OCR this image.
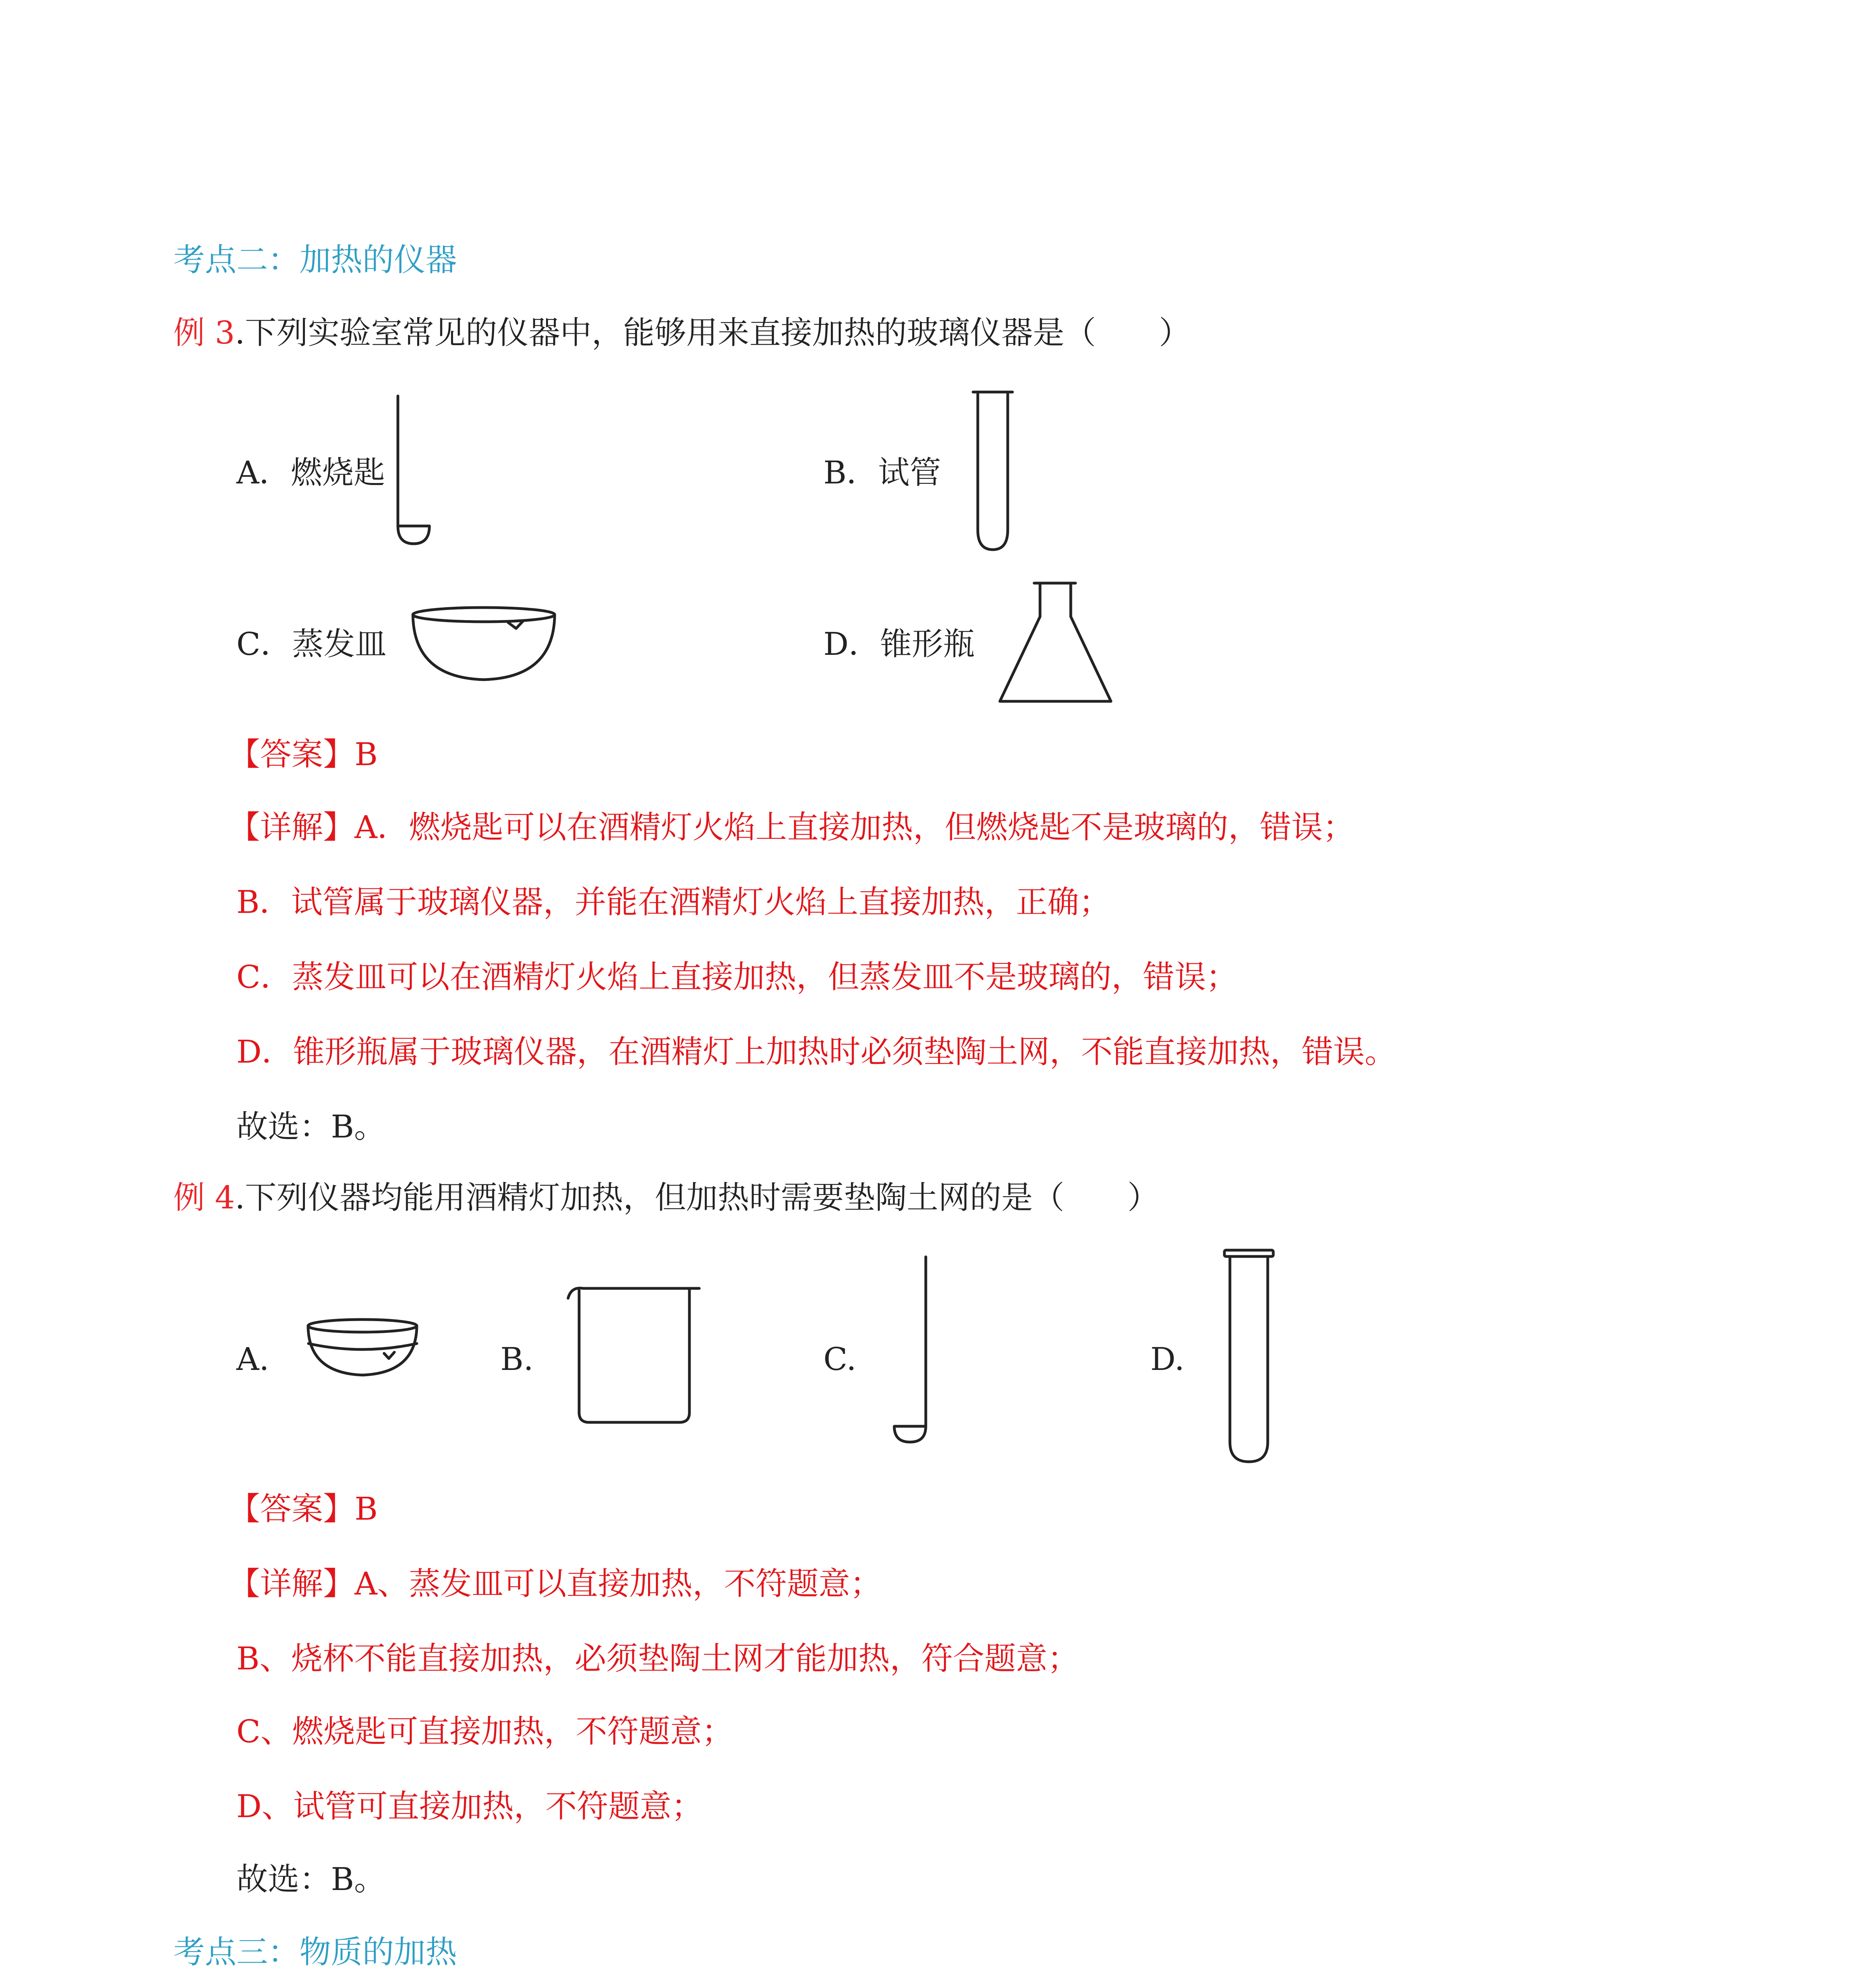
考点二：加热的仪器
例 3.下列实验室常见的仪器中，能够用来直接加热的玻璃仪器是（　　）
A．燃烧匙	B．试管
C．蒸发皿	D．锥形瓶
【答案】B
【详解】A．燃烧匙可以在酒精灯火焰上直接加热，但燃烧匙不是玻璃的，错误；
B．试管属于玻璃仪器，并能在酒精灯火焰上直接加热，正确；
C．蒸发皿可以在酒精灯火焰上直接加热，但蒸发皿不是玻璃的，错误；
D．锥形瓶属于玻璃仪器，在酒精灯上加热时必须垫陶土网，不能直接加热，错误。
故选：B。
例 4.下列仪器均能用酒精灯加热，但加热时需要垫陶土网的是（　　）
A.	B.	C.	D.
【答案】B
【详解】A、蒸发皿可以直接加热，不符题意；
B、烧杯不能直接加热，必须垫陶土网才能加热，符合题意；
C、燃烧匙可直接加热，不符题意；
D、试管可直接加热，不符题意；
故选：B。
考点三：物质的加热
